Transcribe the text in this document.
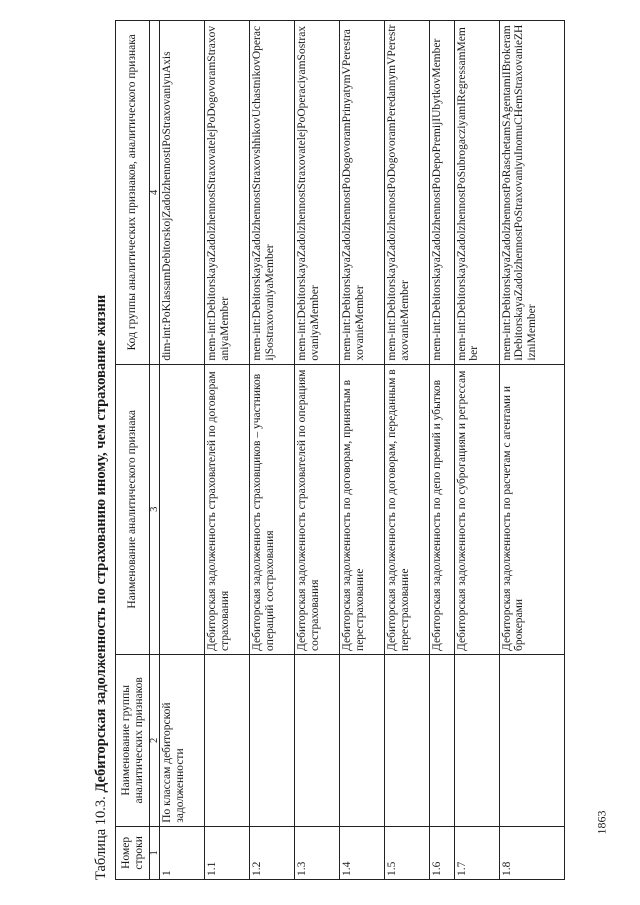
Таблица 10.3. Дебиторская задолженность по страхованию иному, чем страхование жизни
Номер строки	Наименование группы аналитических признаков	Наименование аналитического признака	Код группы аналитических признаков, аналитического признака
1	2	3	4
1	По классам дебиторской задолженности		dim-int:PoKlassamDebitorskojZadolzhennostiPoStraxovaniyuAxis
1.1		Дебиторская задолженность страхователей по договорам страхования	mem-int:DebitorskayaZadolzhennostStraxovatelejPoDogovoramStraxovaniyaMember
1.2		Дебиторская задолженность страховщиков – участников операций сострахования	mem-int:DebitorskayaZadolzhennostStraxovshhikovUchastnikovOperacijSostraxovaniyaMember
1.3		Дебиторская задолженность страхователей по операциям сострахования	mem-int:DebitorskayaZadolzhennostStraxovatelejPoOperaciyamSostraxovaniyaMember
1.4		Дебиторская задолженность по договорам, принятым в перестрахование	mem-int:DebitorskayaZadolzhennostPoDogovoramPrinyatymVPerestraxovanieMember
1.5		Дебиторская задолженность по договорам, переданным в перестрахование	mem-int:DebitorskayaZadolzhennostPoDogovoramPeredannymVPerestraxovanieMember
1.6		Дебиторская задолженность по депо премий и убытков	mem-int:DebitorskayaZadolzhennostPoDepoPremijIUbytkovMember
1.7		Дебиторская задолженность по суброгациям и регрессам	mem-int:DebitorskayaZadolzhennostPoSubrogacziyamIRegressamMember
1.8		Дебиторская задолженность по расчетам с агентами и брокерами	mem-int:DebitorskayaZadolzhennostPoRaschetamSAgentamiIBrokeramiDebitorskayaZadolzhennostPoStraxovaniyuInomuCHemStraxovanieZHizniMember
1863
